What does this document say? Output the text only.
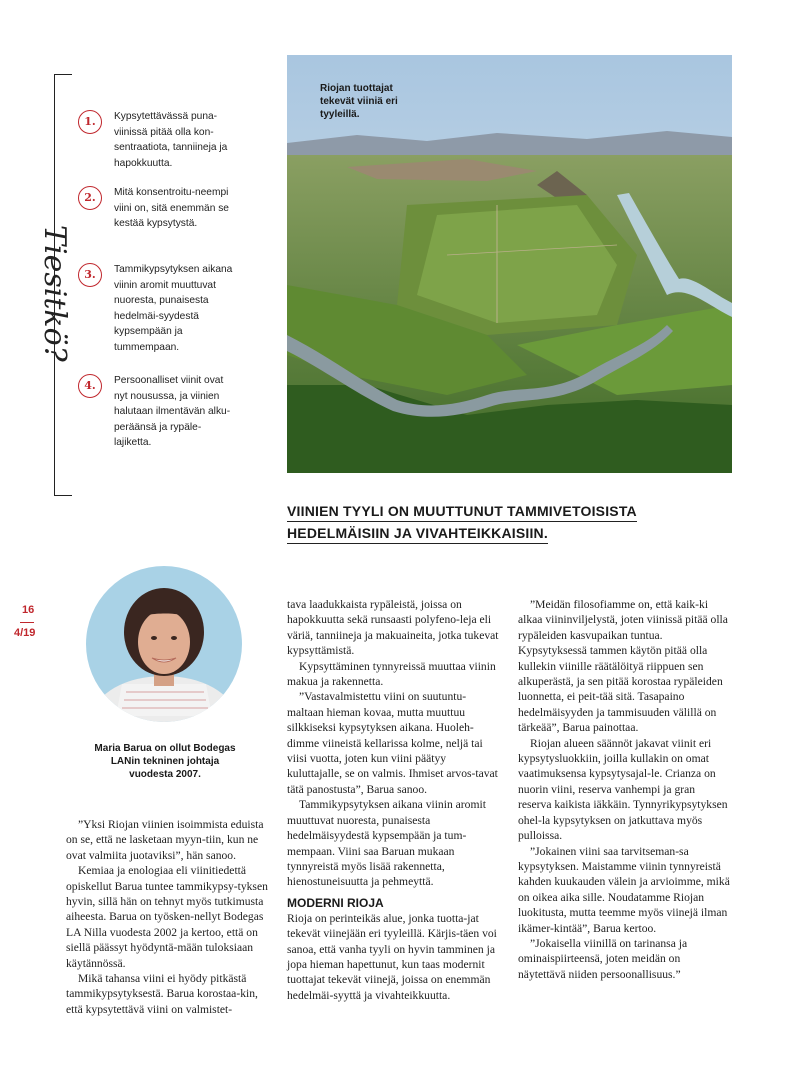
Tiesitkö?
1.	Kypsytettävässä puna-viinissä pitää olla kon-sentraatiota, tanniineja ja hapokkuutta.
2.	Mitä konsentroitu-neempi viini on, sitä enemmän se kestää kypsytystä.
3.	Tammikypsytyksen aikana viinin aromit muuttuvat nuoresta, punaisesta hedelmäi-syydestä kypsempään ja tummempaan.
4.	Persoonalliset viinit ovat nyt nousussa, ja viinien halutaan ilmentävän alku-peräänsä ja rypäle-lajiketta.
Riojan tuottajat tekevät viiniä eri tyyleillä.
VIINIEN TYYLI ON MUUTTUNUT TAMMIVETOISISTA
HEDELMÄISIIN JA VIVAHTEIKKAISIIN.
16
4/19
Maria Barua on ollut Bodegas LANin tekninen johtaja vuodesta 2007.

”Yksi Riojan viinien isoimmista eduista on se, että ne lasketaan myyn-tiin, kun ne ovat valmiita juotaviksi”, hän sanoo.

Kemiaa ja enologiaa eli viinitiedettä opiskellut Barua tuntee tammikypsy-tyksen hyvin, sillä hän on tehnyt myös tutkimusta aiheesta. Barua on työsken-nellyt Bodegas LA Nilla vuodesta 2002 ja kertoo, että on siellä päässyt hyödyntä-mään tuloksiaan käytännössä.

Mikä tahansa viini ei hyödy pitkästä tammikypsytyksestä. Barua korostaa-kin, että kypsytettävä viini on valmistet-

tava laadukkaista rypäleistä, joissa on hapokkuutta sekä runsaasti polyfeno-leja eli väriä, tanniineja ja makuaineita, jotka tukevat kypsyttämistä.

Kypsyttäminen tynnyreissä muuttaa viinin makua ja rakennetta.

”Vastavalmistettu viini on suutuntu-maltaan hieman kovaa, mutta muuttuu silkkiseksi kypsytyksen aikana. Huoleh-dimme viineistä kellarissa kolme, neljä tai viisi vuotta, joten kun viini päätyy kuluttajalle, se on valmis. Ihmiset arvos-tavat tätä panostusta”, Barua sanoo.

Tammikypsytyksen aikana viinin aromit muuttuvat nuoresta, punaisesta hedelmäisyydestä kypsempään ja tum-mempaan. Viini saa Baruan mukaan tynnyreistä myös lisää rakennetta, hienostuneisuutta ja pehmeyttä.

MODERNI RIOJA

Rioja on perinteikäs alue, jonka tuotta-jat tekevät viinejään eri tyyleillä. Kärjis-täen voi sanoa, että vanha tyyli on hyvin tamminen ja jopa hieman hapettunut, kun taas modernit tuottajat tekevät viinejä, joissa on enemmän hedelmäi-syyttä ja vivahteikkuutta.

”Meidän filosofiamme on, että kaik-ki alkaa viininviljelystä, joten viinissä pitää olla rypäleiden kasvupaikan tuntua. Kypsytyksessä tammen käytön pitää olla kullekin viinille räätälöityä riippuen sen alkuperästä, ja sen pitää korostaa rypäleiden luonnetta, ei peit-tää sitä. Tasapaino hedelmäisyyden ja tammisuuden välillä on tärkeää”, Barua painottaa.

Riojan alueen säännöt jakavat viinit eri kypsytysluokkiin, joilla kullakin on omat vaatimuksensa kypsytysajal-le. Crianza on nuorin viini, reserva vanhempi ja gran reserva kaikista iäkkäin. Tynnyrikypsytyksen ohel-la kypsytyksen on jatkuttava myös pulloissa.

”Jokainen viini saa tarvitseman-sa kypsytyksen. Maistamme viinin tynnyreistä kahden kuukauden välein ja arvioimme, mikä on oikea aika sille. Noudatamme Riojan luokitusta, mutta teemme myös viinejä ilman ikämer-kintää”, Barua kertoo.

”Jokaisella viinillä on tarinansa ja ominaispiirteensä, joten meidän on näytettävä niiden persoonallisuus.”
